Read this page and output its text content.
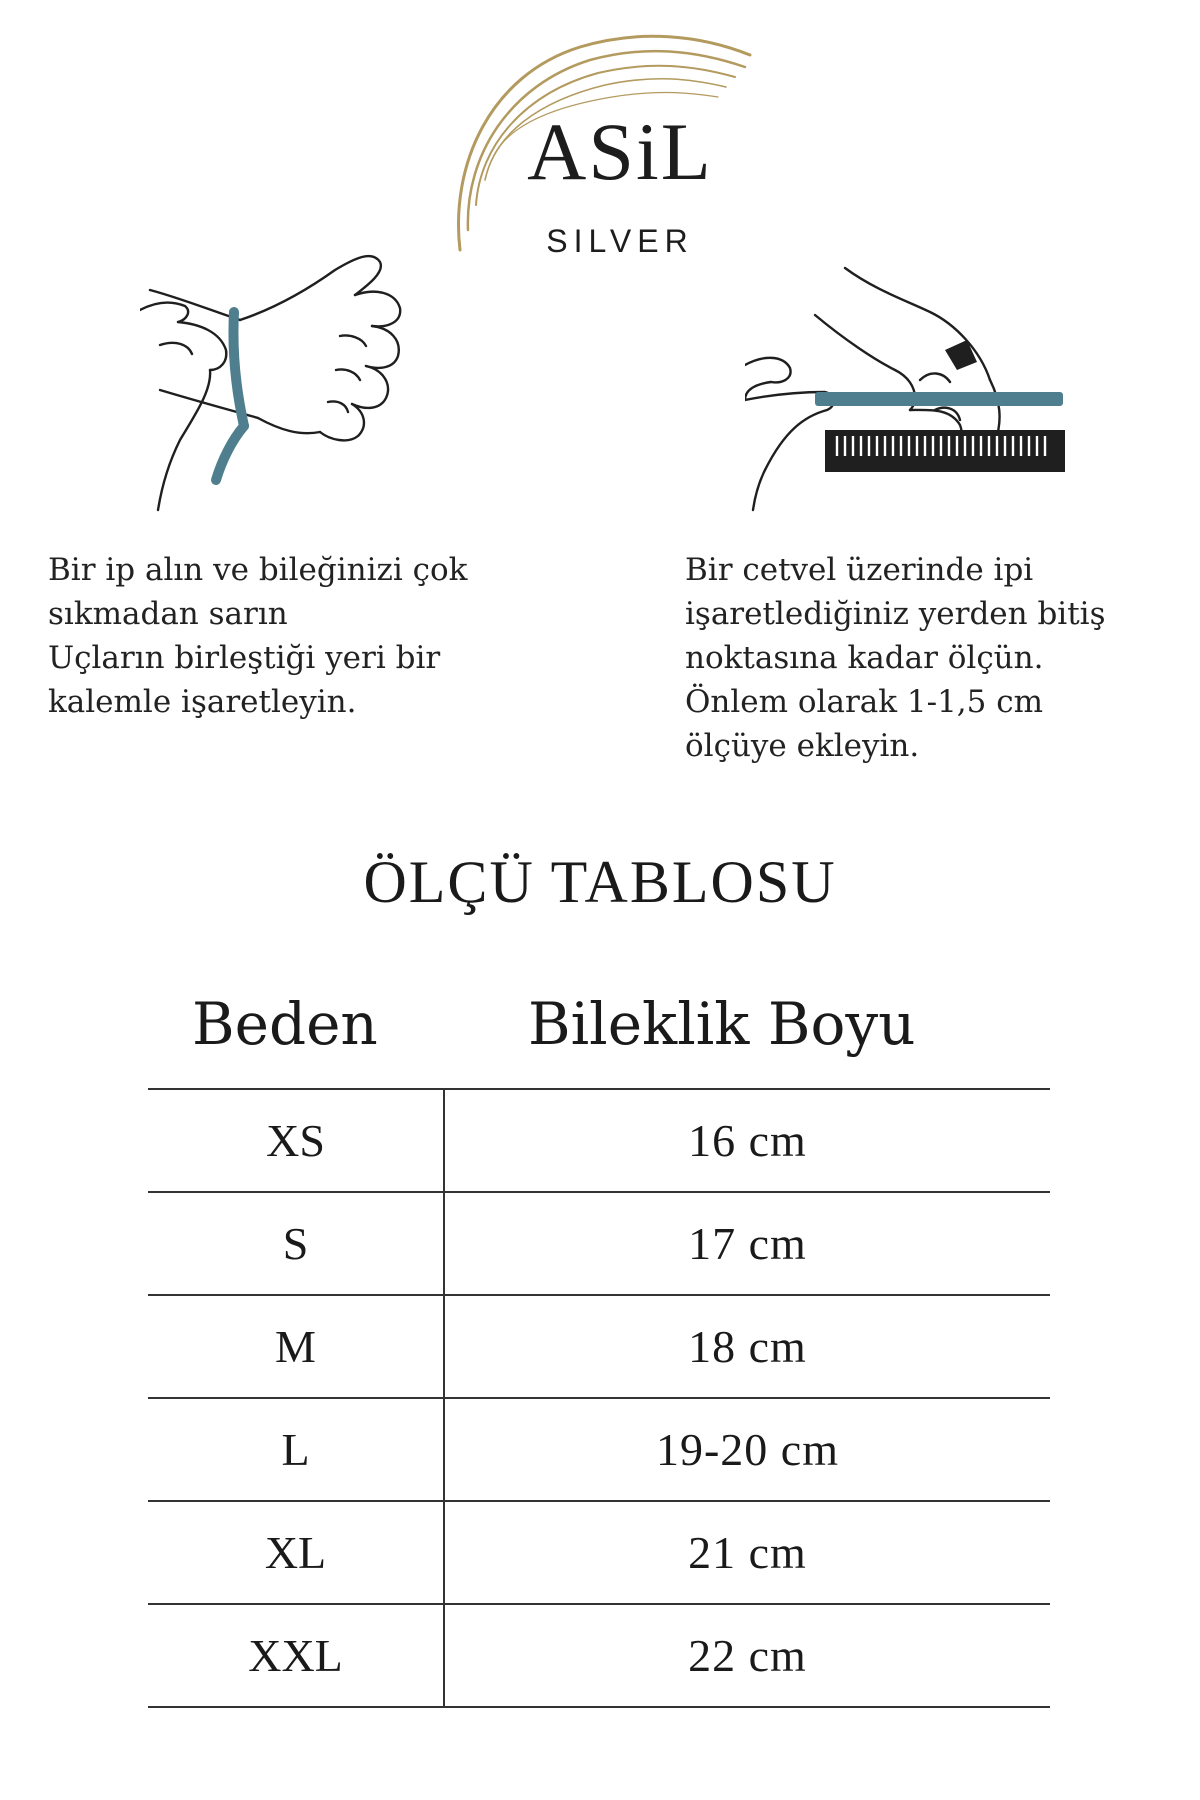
ASiL
SILVER
Bir ip alın ve bileğinizi çok
sıkmadan sarın
Uçların birleştiği yeri bir
kalemle işaretleyin.
Bir cetvel üzerinde ipi
işaretlediğiniz yerden bitiş
noktasına kadar ölçün.
Önlem olarak 1-1,5 cm
ölçüye ekleyin.
ÖLÇÜ TABLOSU
Beden	Bileklik Boyu
XS	16 cm
S	17 cm
M	18 cm
L	19-20 cm
XL	21 cm
XXL	22 cm
